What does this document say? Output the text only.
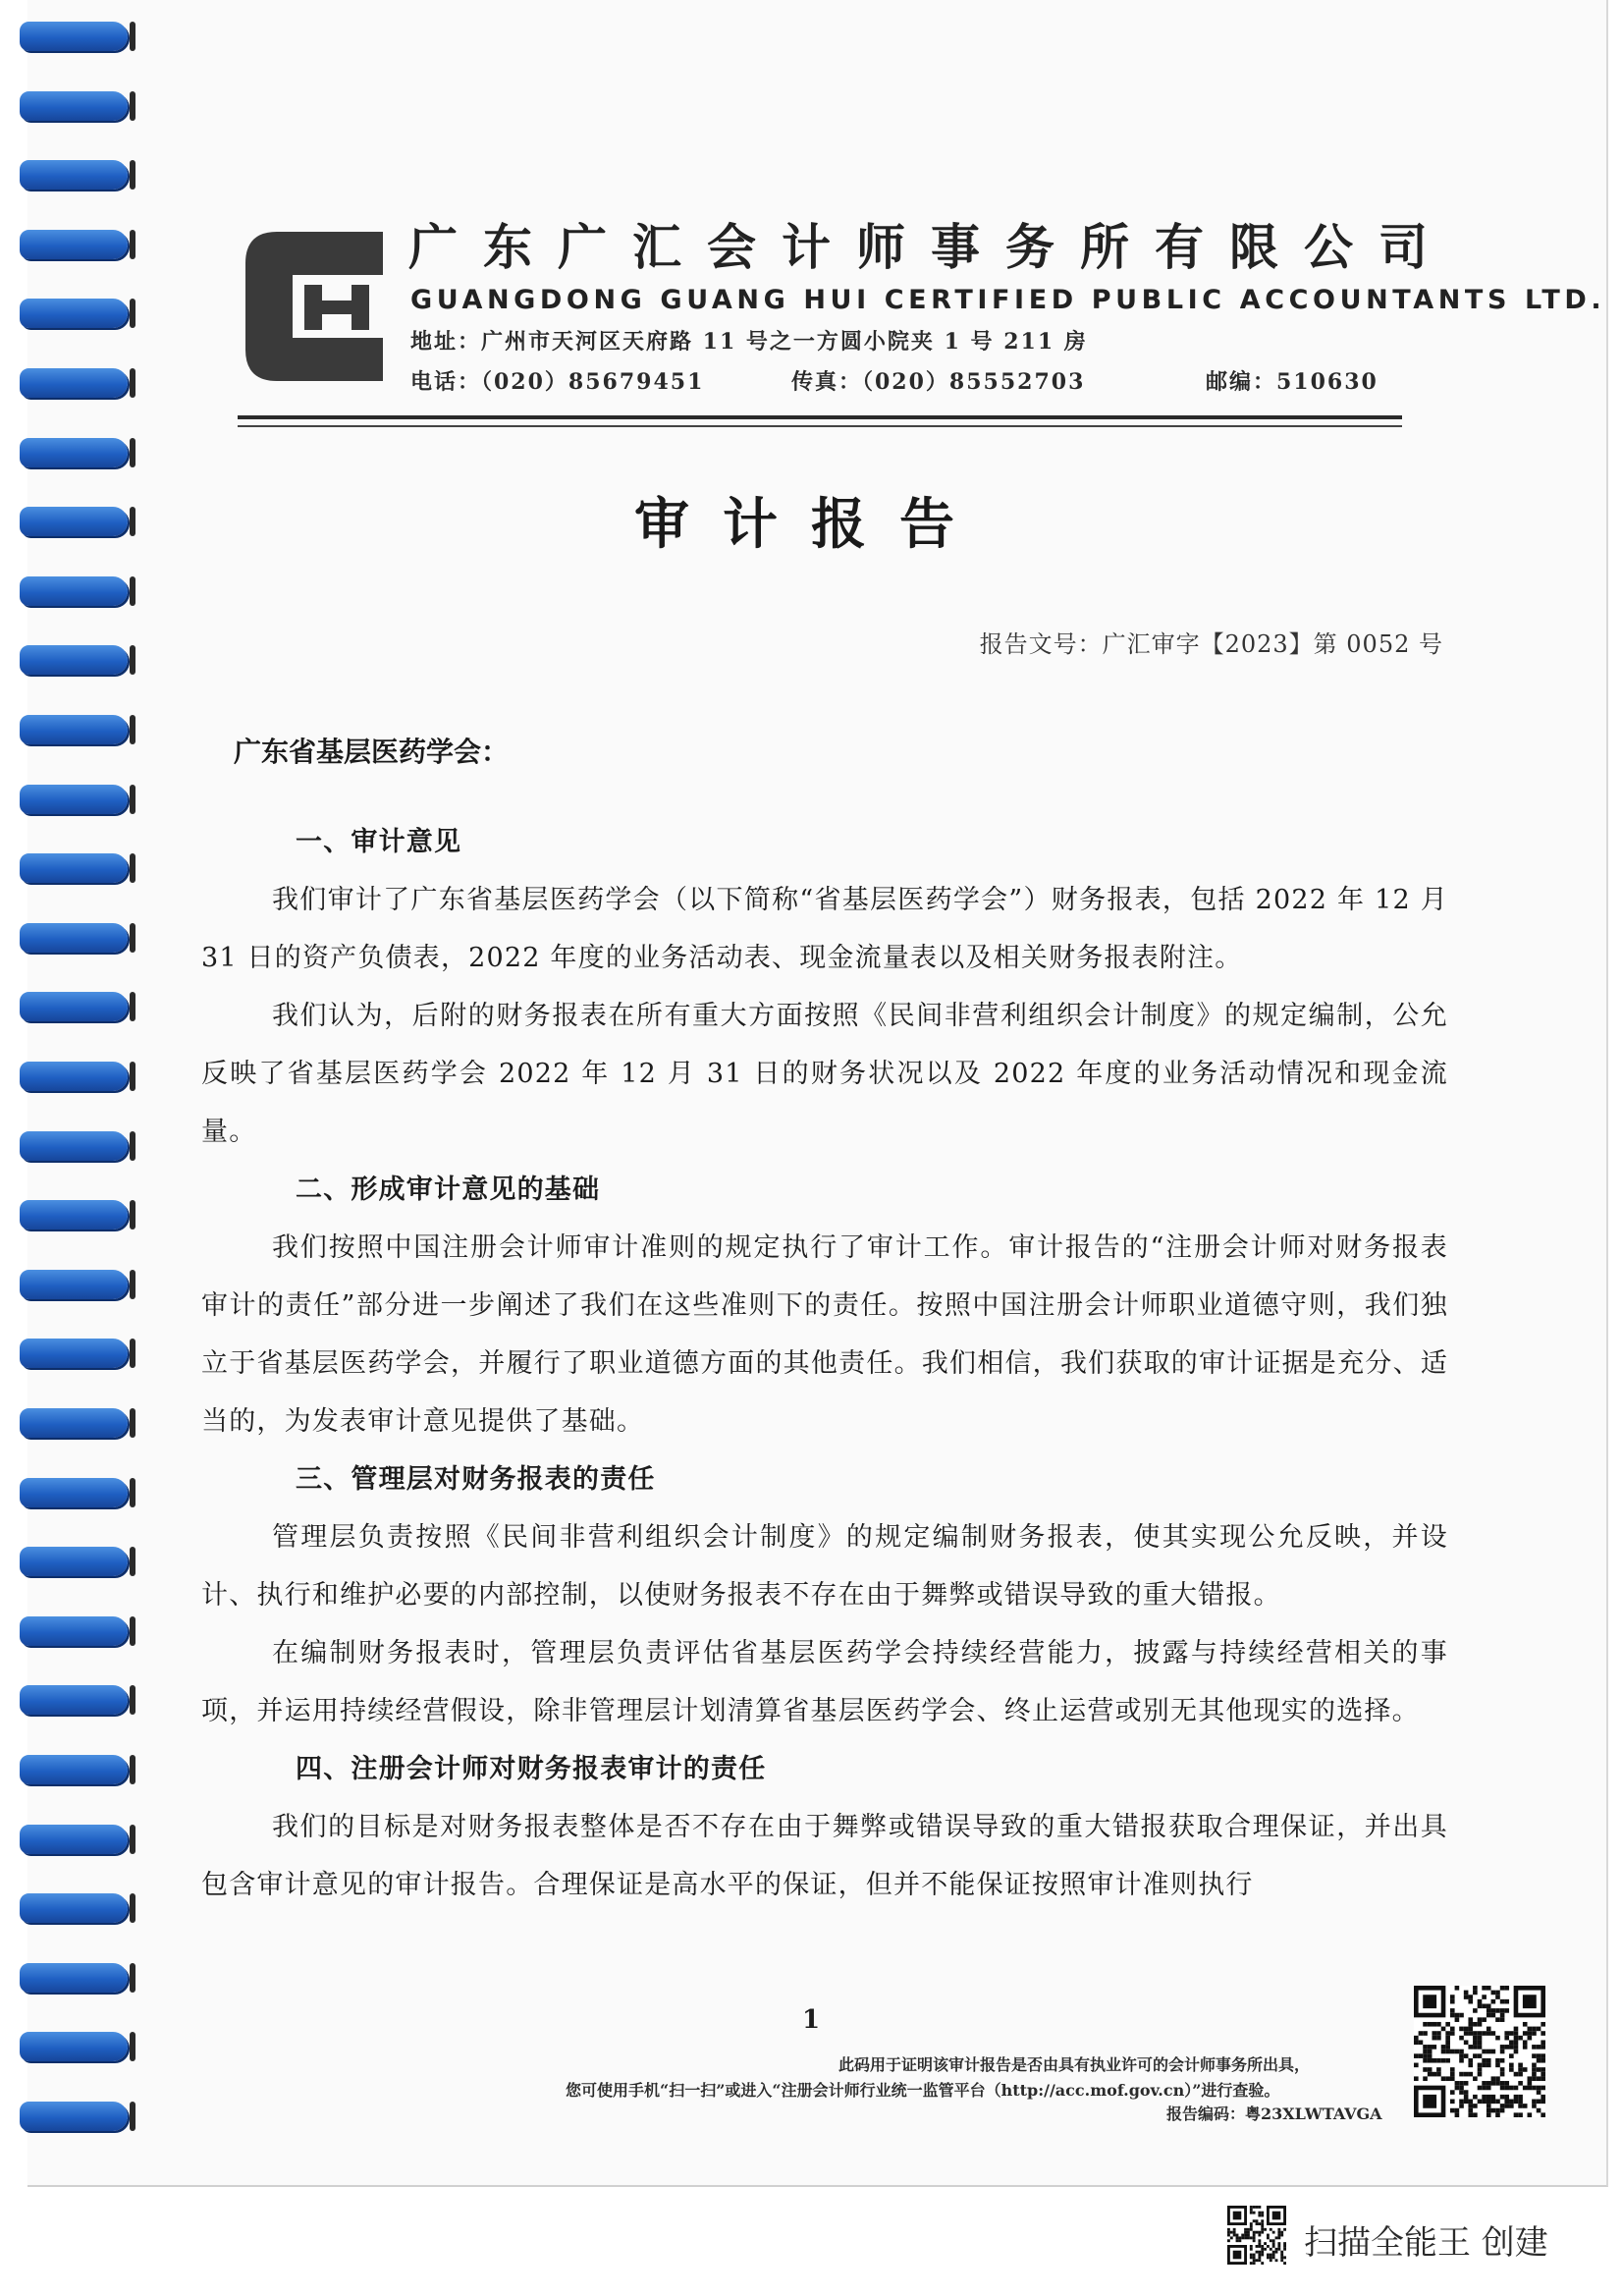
广东广汇会计师事务所有限公司
GUANGDONG GUANG HUI CERTIFIED PUBLIC ACCOUNTANTS LTD.
地址：广州市天河区天府路 11 号之一方圆小院夹 1 号 211 房
电话：（020）85679451	传真：（020）85552703	邮编：510630
审计报告
报告文号：广汇审字【2023】第 0052 号
广东省基层医药学会：
一、审计意见
我们审计了广东省基层医药学会（以下简称“省基层医药学会”）财务报表，包括 2022 年 12 月 31 日的资产负债表，2022 年度的业务活动表、现金流量表以及相关财务报表附注。
我们认为，后附的财务报表在所有重大方面按照《民间非营利组织会计制度》的规定编制，公允反映了省基层医药学会 2022 年 12 月 31 日的财务状况以及 2022 年度的业务活动情况和现金流量。
二、形成审计意见的基础
我们按照中国注册会计师审计准则的规定执行了审计工作。审计报告的“注册会计师对财务报表审计的责任”部分进一步阐述了我们在这些准则下的责任。按照中国注册会计师职业道德守则，我们独立于省基层医药学会，并履行了职业道德方面的其他责任。我们相信，我们获取的审计证据是充分、适当的，为发表审计意见提供了基础。
三、管理层对财务报表的责任
管理层负责按照《民间非营利组织会计制度》的规定编制财务报表，使其实现公允反映，并设计、执行和维护必要的内部控制，以使财务报表不存在由于舞弊或错误导致的重大错报。
在编制财务报表时，管理层负责评估省基层医药学会持续经营能力，披露与持续经营相关的事项，并运用持续经营假设，除非管理层计划清算省基层医药学会、终止运营或别无其他现实的选择。
四、注册会计师对财务报表审计的责任
我们的目标是对财务报表整体是否不存在由于舞弊或错误导致的重大错报获取合理保证，并出具包含审计意见的审计报告。合理保证是高水平的保证，但并不能保证按照审计准则执行
1
此码用于证明该审计报告是否由具有执业许可的会计师事务所出具，
您可使用手机“扫一扫”或进入“注册会计师行业统一监管平台（http://acc.mof.gov.cn）”进行查验。
报告编码：粤23XLWTAVGA
扫描全能王 创建
